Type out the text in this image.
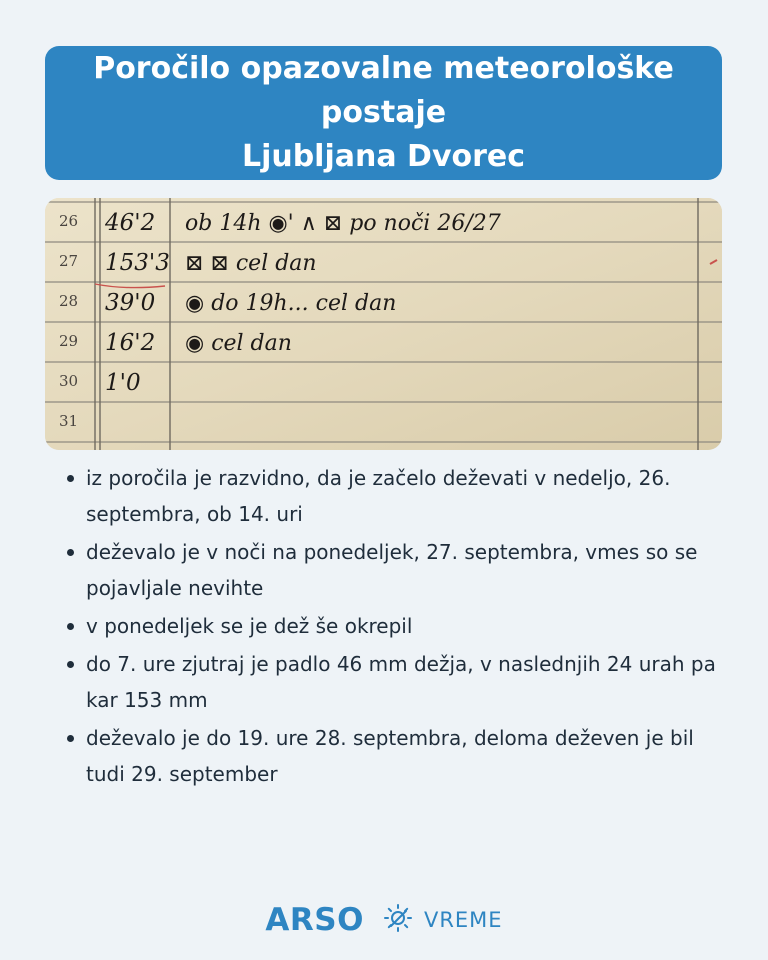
Poročilo opazovalne meteorološke postaje
Ljubljana Dvorec
26
27
28
29
30
31
46'2
153'3
39'0
16'2
1'0
ob 14h ◉' ∧ ⊠ po noči 26/27
⊠ ⊠ cel dan
◉ do 19h... cel dan
◉ cel dan
iz poročila je razvidno, da je začelo deževati v nedeljo, 26. septembra, ob 14. uri
deževalo je v noči na ponedeljek, 27. septembra, vmes so se pojavljale nevihte
v ponedeljek se je dež še okrepil
do 7. ure zjutraj je padlo 46 mm dežja, v naslednjih 24 urah pa kar 153 mm
deževalo je do 19. ure 28. septembra, deloma deževen je bil tudi 29. september
ARSO	VREME
